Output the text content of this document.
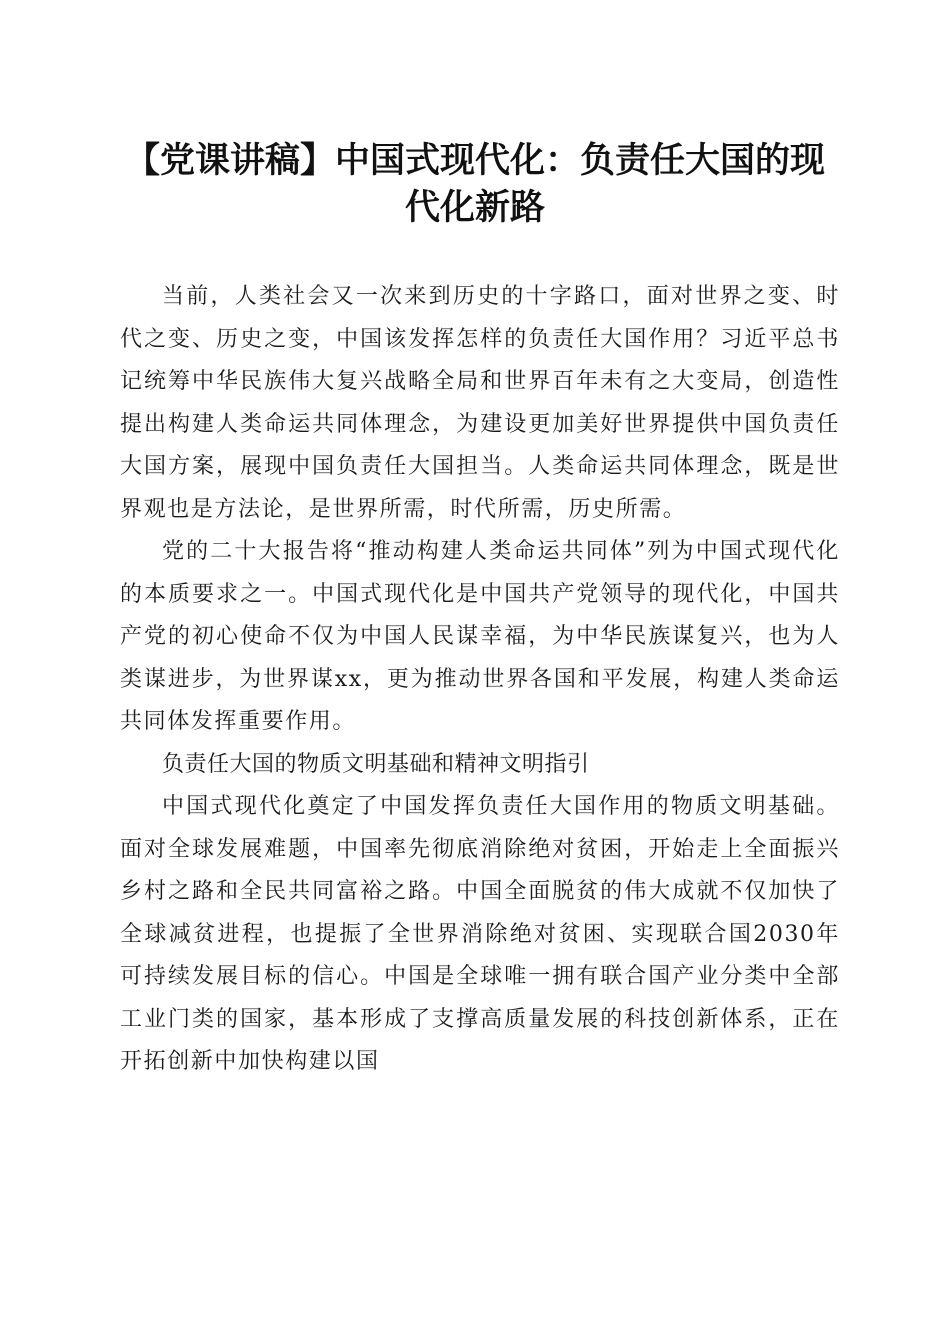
【党课讲稿】中国式现代化：负责任大国的现代化新路

当前，人类社会又一次来到历史的十字路口，面对世界之变、时代之变、历史之变，中国该发挥怎样的负责任大国作用？习近平总书记统筹中华民族伟大复兴战略全局和世界百年未有之大变局，创造性提出构建人类命运共同体理念，为建设更加美好世界提供中国负责任大国方案，展现中国负责任大国担当。人类命运共同体理念，既是世界观也是方法论，是世界所需，时代所需，历史所需。

党的二十大报告将“推动构建人类命运共同体”列为中国式现代化的本质要求之一。中国式现代化是中国共产党领导的现代化，中国共产党的初心使命不仅为中国人民谋幸福，为中华民族谋复兴，也为人类谋进步，为世界谋xx，更为推动世界各国和平发展，构建人类命运共同体发挥重要作用。

负责任大国的物质文明基础和精神文明指引

中国式现代化奠定了中国发挥负责任大国作用的物质文明基础。面对全球发展难题，中国率先彻底消除绝对贫困，开始走上全面振兴乡村之路和全民共同富裕之路。中国全面脱贫的伟大成就不仅加快了全球减贫进程，也提振了全世界消除绝对贫困、实现联合国2030年可持续发展目标的信心。中国是全球唯一拥有联合国产业分类中全部工业门类的国家，基本形成了支撑高质量发展的科技创新体系，正在开拓创新中加快构建以国
